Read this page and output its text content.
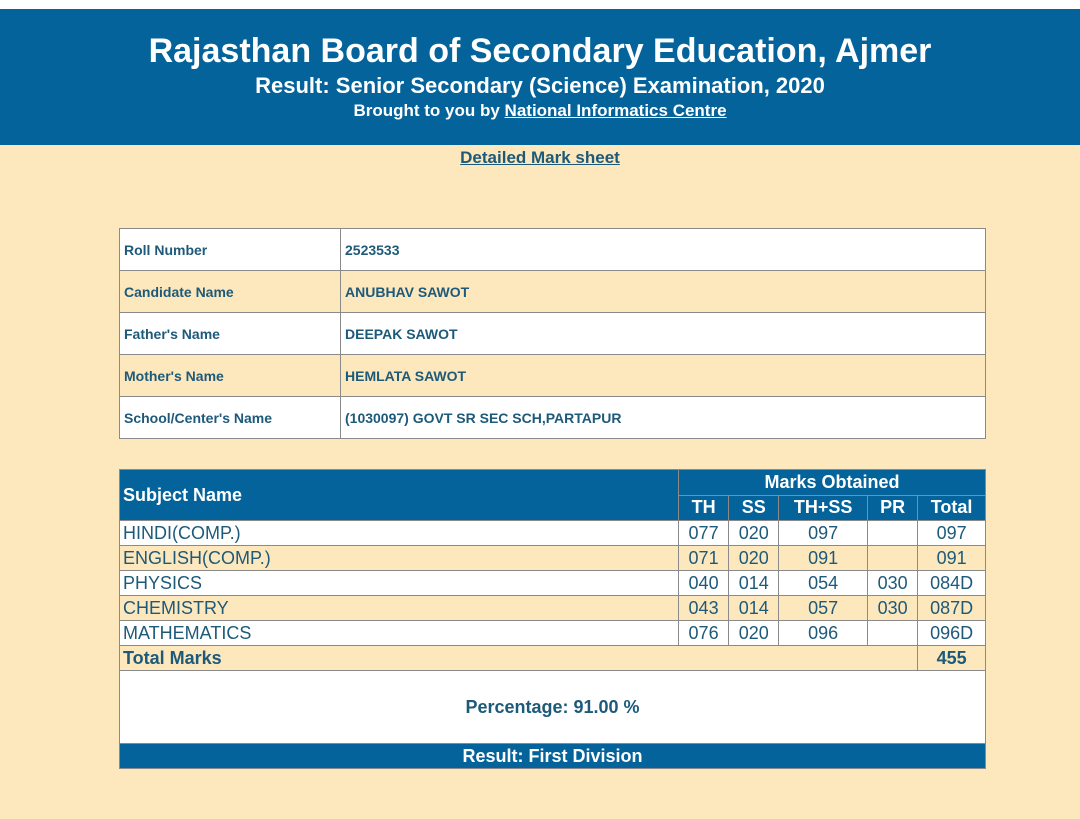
Rajasthan Board of Secondary Education, Ajmer
Result: Senior Secondary (Science) Examination, 2020
Brought to you by National Informatics Centre
Detailed Mark sheet
Roll Number	2523533
Candidate Name	ANUBHAV SAWOT
Father's Name	DEEPAK SAWOT
Mother's Name	HEMLATA SAWOT
School/Center's Name	(1030097) GOVT SR SEC SCH,PARTAPUR
Subject Name	Marks Obtained				
	TH	SS	TH+SS	PR	Total
HINDI(COMP.)	077	020	097		097
ENGLISH(COMP.)	071	020	091		091
PHYSICS	040	014	054	030	084D
CHEMISTRY	043	014	057	030	087D
MATHEMATICS	076	020	096		096D
Total Marks					455
Percentage: 91.00 %					
Result: First Division					
